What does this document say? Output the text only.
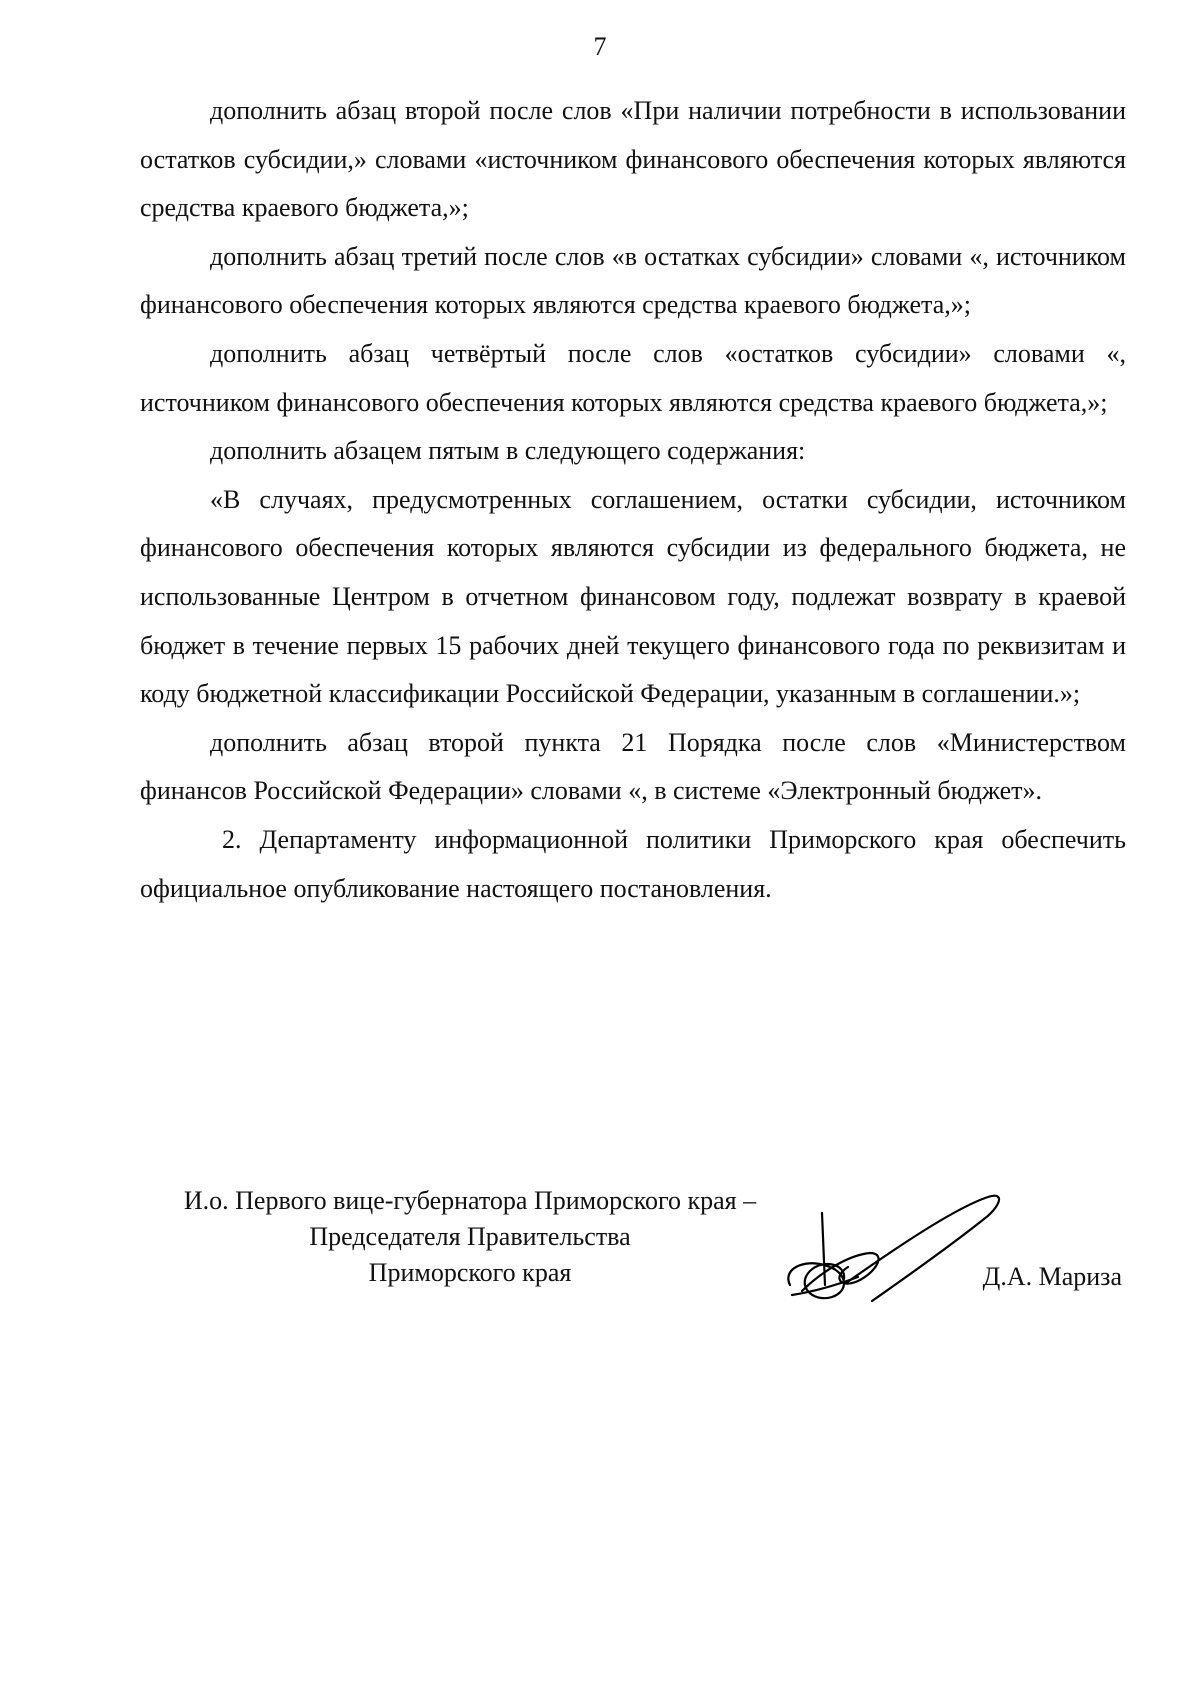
7

дополнить абзац второй после слов «При наличии потребности в использовании остатков субсидии,» словами «источником финансового обеспечения которых являются средства краевого бюджета,»;

дополнить абзац третий после слов «в остатках субсидии» словами «, источником финансового обеспечения которых являются средства краевого бюджета,»;

дополнить абзац четвёртый после слов «остатков субсидии» словами «, источником финансового обеспечения которых являются средства краевого бюджета,»;

дополнить абзацем пятым в следующего содержания:

«В случаях, предусмотренных соглашением, остатки субсидии, источником финансового обеспечения которых являются субсидии из федерального бюджета, не использованные Центром в отчетном финансовом году, подлежат возврату в краевой бюджет в течение первых 15 рабочих дней текущего финансового года по реквизитам и коду бюджетной классификации Российской Федерации, указанным в соглашении.»;

дополнить абзац второй пункта 21 Порядка после слов «Министерством финансов Российской Федерации» словами «, в системе «Электронный бюджет».

2. Департаменту информационной политики Приморского края обеспечить официальное опубликование настоящего постановления.

И.о. Первого вице-губернатора Приморского края –
Председателя Правительства
Приморского края	Д.А. Мариза
